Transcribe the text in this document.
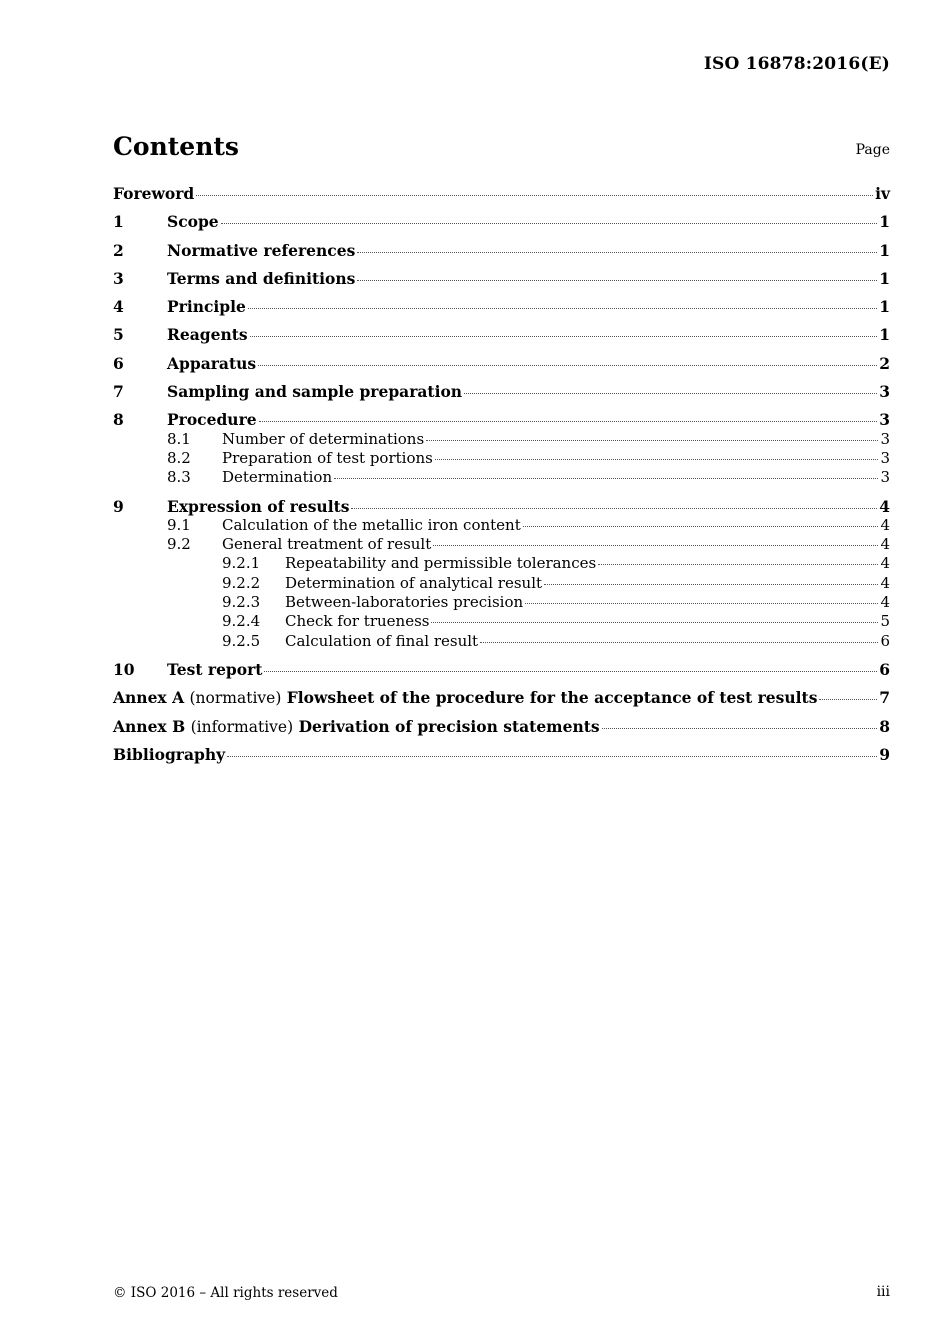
ISO 16878:2016(E)
Contents	Page
Foreword	iv
1	Scope	1
2	Normative references	1
3	Terms and definitions	1
4	Principle	1
5	Reagents	1
6	Apparatus	2
7	Sampling and sample preparation	3
8	Procedure	3
8.1	Number of determinations	3
8.2	Preparation of test portions	3
8.3	Determination	3
9	Expression of results	4
9.1	Calculation of the metallic iron content	4
9.2	General treatment of result	4
9.2.1	Repeatability and permissible tolerances	4
9.2.2	Determination of analytical result	4
9.2.3	Between-laboratories precision	4
9.2.4	Check for trueness	5
9.2.5	Calculation of final result	6
10	Test report	6
Annex A (normative) Flowsheet of the procedure for the acceptance of test results	7
Annex B (informative) Derivation of precision statements	8
Bibliography	9
© ISO 2016 – All rights reserved	iii
